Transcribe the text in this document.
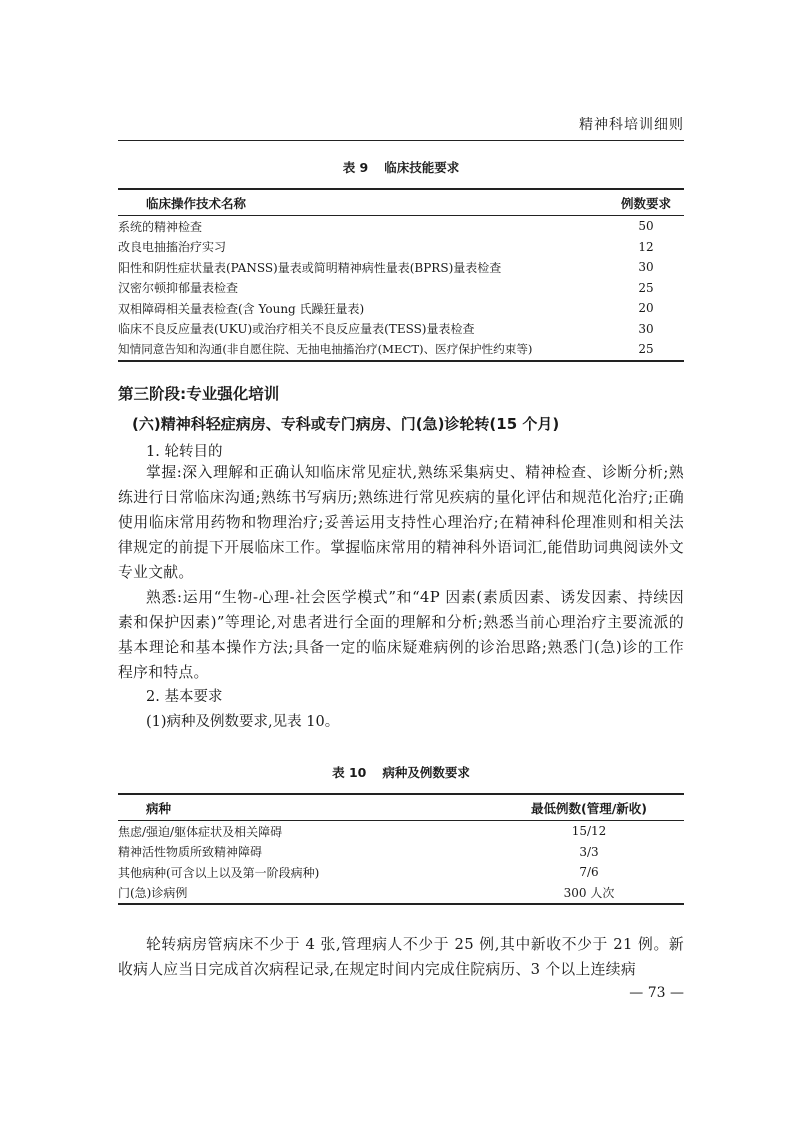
精神科培训细则
表 9 临床技能要求
临床操作技术名称	例数要求
系统的精神检查	50
改良电抽搐治疗实习	12
阳性和阴性症状量表(PANSS)量表或简明精神病性量表(BPRS)量表检查	30
汉密尔顿抑郁量表检查	25
双相障碍相关量表检查(含 Young 氏躁狂量表)	20
临床不良反应量表(UKU)或治疗相关不良反应量表(TESS)量表检查	30
知情同意告知和沟通(非自愿住院、无抽电抽搐治疗(MECT)、医疗保护性约束等)	25
第三阶段:专业强化培训
(六)精神科轻症病房、专科或专门病房、门(急)诊轮转(15 个月)
1. 轮转目的
掌握:深入理解和正确认知临床常见症状,熟练采集病史、精神检查、诊断分析;熟练进行日常临床沟通;熟练书写病历;熟练进行常见疾病的量化评估和规范化治疗;正确使用临床常用药物和物理治疗;妥善运用支持性心理治疗;在精神科伦理准则和相关法律规定的前提下开展临床工作。掌握临床常用的精神科外语词汇,能借助词典阅读外文专业文献。
熟悉:运用“生物-心理-社会医学模式”和“4P 因素(素质因素、诱发因素、持续因素和保护因素)”等理论,对患者进行全面的理解和分析;熟悉当前心理治疗主要流派的基本理论和基本操作方法;具备一定的临床疑难病例的诊治思路;熟悉门(急)诊的工作程序和特点。
2. 基本要求
(1)病种及例数要求,见表 10。
表 10 病种及例数要求
病种	最低例数(管理/新收)
焦虑/强迫/躯体症状及相关障碍	15/12
精神活性物质所致精神障碍	3/3
其他病种(可含以上以及第一阶段病种)	7/6
门(急)诊病例	300 人次
轮转病房管病床不少于 4 张,管理病人不少于 25 例,其中新收不少于 21 例。新收病人应当日完成首次病程记录,在规定时间内完成住院病历、3 个以上连续病
— 73 —
